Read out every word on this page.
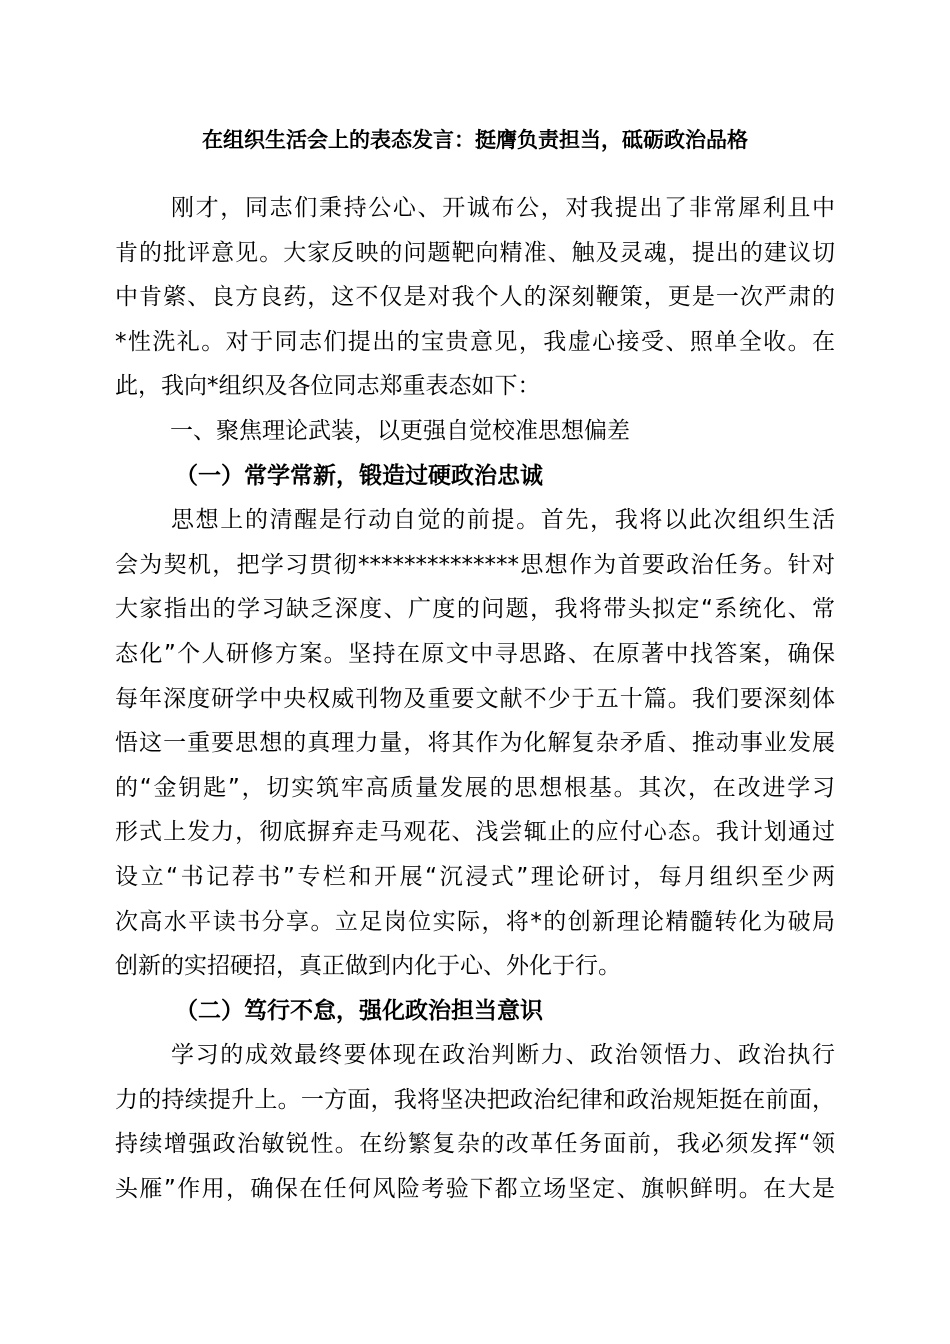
在组织生活会上的表态发言：挺膺负责担当，砥砺政治品格
刚才，同志们秉持公心、开诚布公，对我提出了非常犀利且中
肯的批评意见。大家反映的问题靶向精准、触及灵魂，提出的建议切
中肯綮、良方良药，这不仅是对我个人的深刻鞭策，更是一次严肃的
*性洗礼。对于同志们提出的宝贵意见，我虚心接受、照单全收。在
此，我向*组织及各位同志郑重表态如下：
一、聚焦理论武装，以更强自觉校准思想偏差
（一）常学常新，锻造过硬政治忠诚
思想上的清醒是行动自觉的前提。首先，我将以此次组织生活
会为契机，把学习贯彻**************思想作为首要政治任务。针对
大家指出的学习缺乏深度、广度的问题，我将带头拟定“系统化、常
态化”个人研修方案。坚持在原文中寻思路、在原著中找答案，确保
每年深度研学中央权威刊物及重要文献不少于五十篇。我们要深刻体
悟这一重要思想的真理力量，将其作为化解复杂矛盾、推动事业发展
的“金钥匙”，切实筑牢高质量发展的思想根基。其次，在改进学习
形式上发力，彻底摒弃走马观花、浅尝辄止的应付心态。我计划通过
设立“书记荐书”专栏和开展“沉浸式”理论研讨，每月组织至少两
次高水平读书分享。立足岗位实际，将*的创新理论精髓转化为破局
创新的实招硬招，真正做到内化于心、外化于行。
（二）笃行不怠，强化政治担当意识
学习的成效最终要体现在政治判断力、政治领悟力、政治执行
力的持续提升上。一方面，我将坚决把政治纪律和政治规矩挺在前面，
持续增强政治敏锐性。在纷繁复杂的改革任务面前，我必须发挥“领
头雁”作用，确保在任何风险考验下都立场坚定、旗帜鲜明。在大是
